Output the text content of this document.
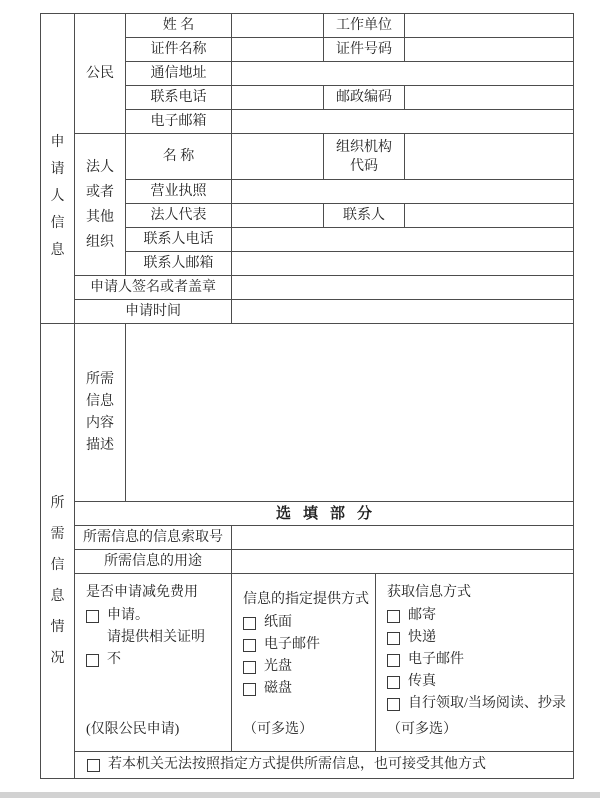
申请人信息	公民	姓 名		工作单位		
		证件名称		证件号码		
		通信地址				
		联系电话		邮政编码		
		电子邮箱				

	法人或者其他组织	名 称		组织机构代码		

		营业执照				
		法人代表		联系人		
		联系人电话				
		联系人邮箱				
	申请人签名或者盖章					
	申请时间					

所需信息情况	所需信息内容描述					

	选填部分					
	所需信息的信息索取号					
	所需信息的用途					

是否申请减免费用
申请。
请提供相关证明
不
(仅限公民申请)

信息的指定提供方式
纸面
电子邮件
光盘
磁盘
（可多选）

获取信息方式
邮寄
快递
电子邮件
传真
自行领取/当场阅读、抄录
（可多选）

	若本机关无法按照指定方式提供所需信息，也可接受其他方式					
